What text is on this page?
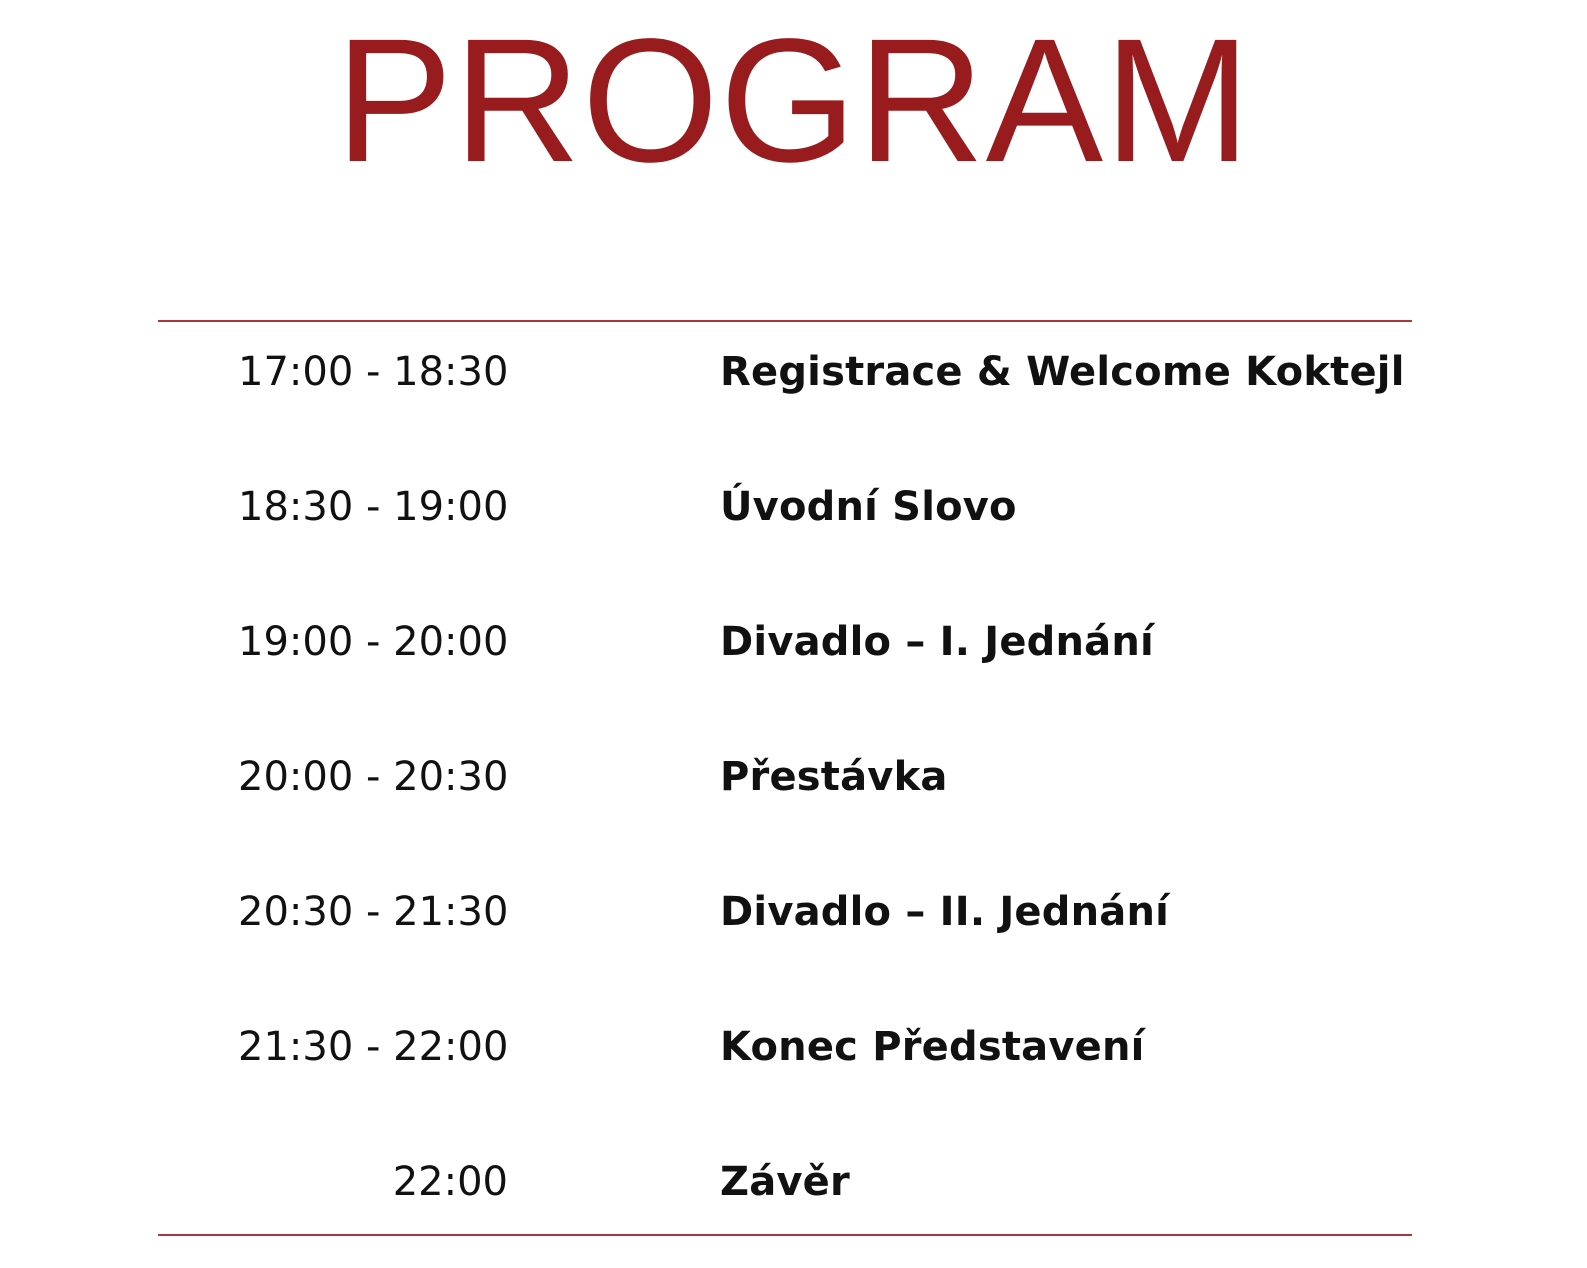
PROGRAM
17:00 - 18:30	Registrace & Welcome Koktejl
18:30 - 19:00	Úvodní Slovo
19:00 - 20:00	Divadlo – I. Jednání
20:00 - 20:30	Přestávka
20:30 - 21:30	Divadlo – II. Jednání
21:30 - 22:00	Konec Představení
22:00	Závěr
